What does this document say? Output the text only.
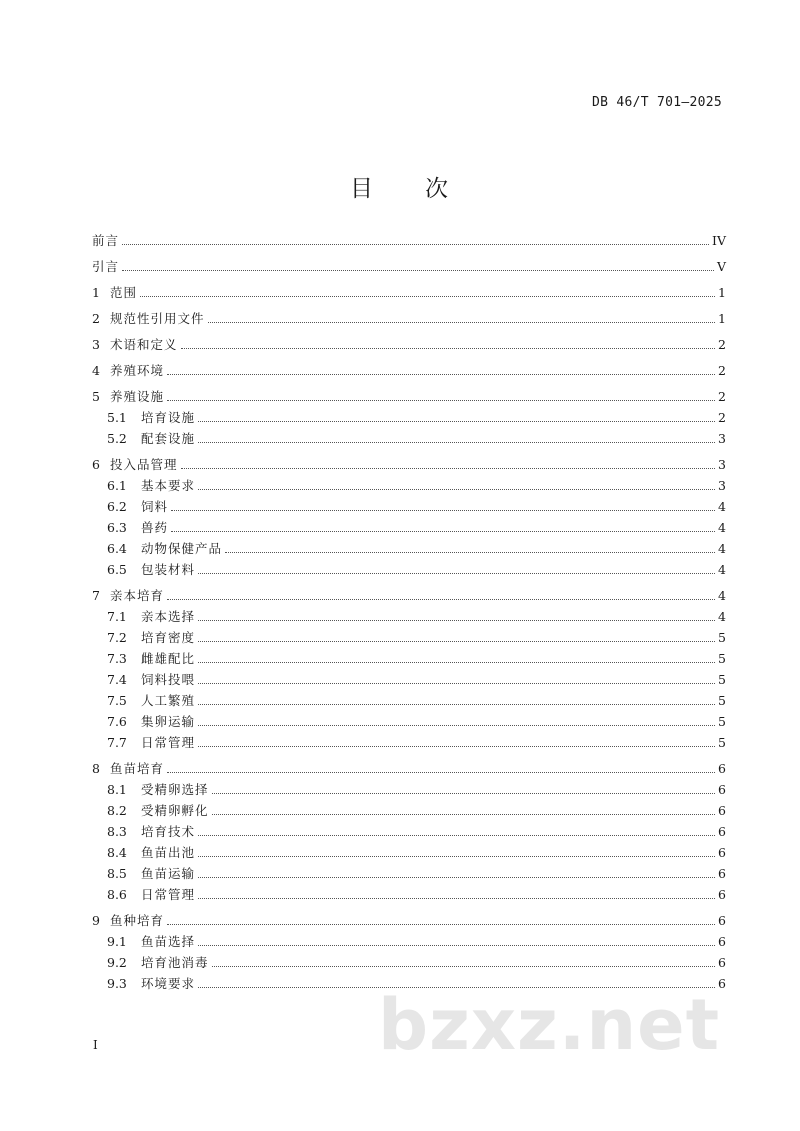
DB 46/T 701—2025
目　　次
前言	IV
引言	V
1 范围	1
2 规范性引用文件	1
3 术语和定义	2
4 养殖环境	2
5 养殖设施	2
5.1	培育设施	2
5.2	配套设施	3
6 投入品管理	3
6.1	基本要求	3
6.2	饲料	4
6.3	兽药	4
6.4	动物保健产品	4
6.5	包装材料	4
7 亲本培育	4
7.1	亲本选择	4
7.2	培育密度	5
7.3	雌雄配比	5
7.4	饲料投喂	5
7.5	人工繁殖	5
7.6	集卵运输	5
7.7	日常管理	5
8 鱼苗培育	6
8.1	受精卵选择	6
8.2	受精卵孵化	6
8.3	培育技术	6
8.4	鱼苗出池	6
8.5	鱼苗运输	6
8.6	日常管理	6
9 鱼种培育	6
9.1	鱼苗选择	6
9.2	培育池消毒	6
9.3	环境要求	6
I	bzxz.net
